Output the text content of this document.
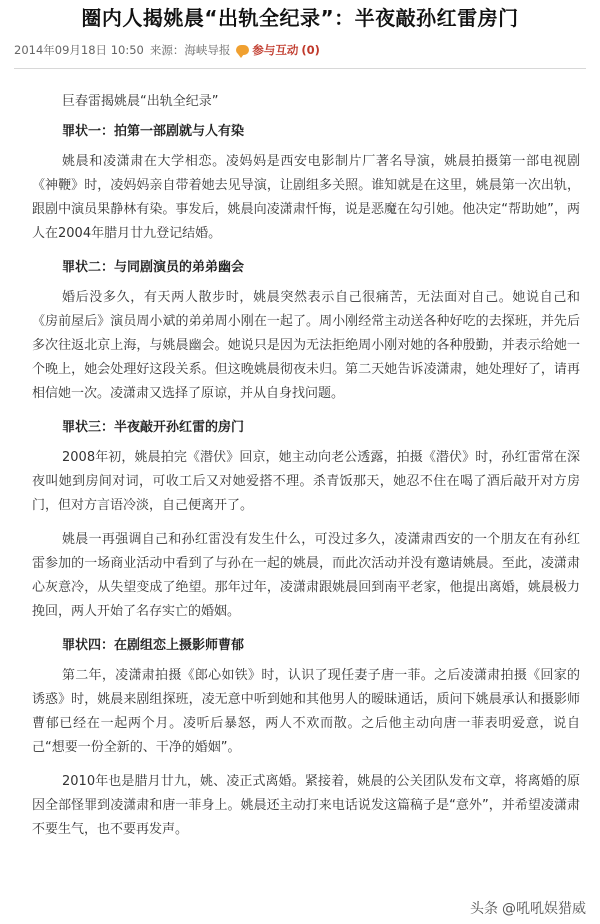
圈内人揭姚晨“出轨全纪录”：半夜敲孙红雷房门
2014年09月18日 10:50 来源：海峡导报 参与互动 (0)
巨春雷揭姚晨“出轨全纪录”
罪状一：拍第一部剧就与人有染
姚晨和凌潇肃在大学相恋。凌妈妈是西安电影制片厂著名导演，姚晨拍摄第一部电视剧《神鞭》时，凌妈妈亲自带着她去见导演，让剧组多关照。谁知就是在这里，姚晨第一次出轨，跟剧中演员果静林有染。事发后，姚晨向凌潇肃忏悔，说是恶魔在勾引她。他决定“帮助她”，两人在2004年腊月廿九登记结婚。
罪状二：与同剧演员的弟弟幽会
婚后没多久，有天两人散步时，姚晨突然表示自己很痛苦，无法面对自己。她说自己和《房前屋后》演员周小斌的弟弟周小刚在一起了。周小刚经常主动送各种好吃的去探班，并先后多次往返北京上海，与姚晨幽会。她说只是因为无法拒绝周小刚对她的各种殷勤，并表示给她一个晚上，她会处理好这段关系。但这晚姚晨彻夜未归。第二天她告诉凌潇肃，她处理好了，请再相信她一次。凌潇肃又选择了原谅，并从自身找问题。
罪状三：半夜敲开孙红雷的房门
2008年初，姚晨拍完《潜伏》回京，她主动向老公透露，拍摄《潜伏》时，孙红雷常在深夜叫她到房间对词，可收工后又对她爱搭不理。杀青饭那天，她忍不住在喝了酒后敲开对方房门，但对方言语冷淡，自己便离开了。
姚晨一再强调自己和孙红雷没有发生什么，可没过多久，凌潇肃西安的一个朋友在有孙红雷参加的一场商业活动中看到了与孙在一起的姚晨，而此次活动并没有邀请姚晨。至此，凌潇肃心灰意冷，从失望变成了绝望。那年过年，凌潇肃跟姚晨回到南平老家，他提出离婚，姚晨极力挽回，两人开始了名存实亡的婚姻。
罪状四：在剧组恋上摄影师曹郁
第二年，凌潇肃拍摄《郎心如铁》时，认识了现任妻子唐一菲。之后凌潇肃拍摄《回家的诱惑》时，姚晨来剧组探班，凌无意中听到她和其他男人的暧昧通话，质问下姚晨承认和摄影师曹郁已经在一起两个月。凌听后暴怒，两人不欢而散。之后他主动向唐一菲表明爱意，说自己“想要一份全新的、干净的婚姻”。
2010年也是腊月廿九，姚、凌正式离婚。紧接着，姚晨的公关团队发布文章，将离婚的原因全部怪罪到凌潇肃和唐一菲身上。姚晨还主动打来电话说发这篇稿子是“意外”，并希望凌潇肃不要生气，也不要再发声。
头条 @吼吼娱猎威
